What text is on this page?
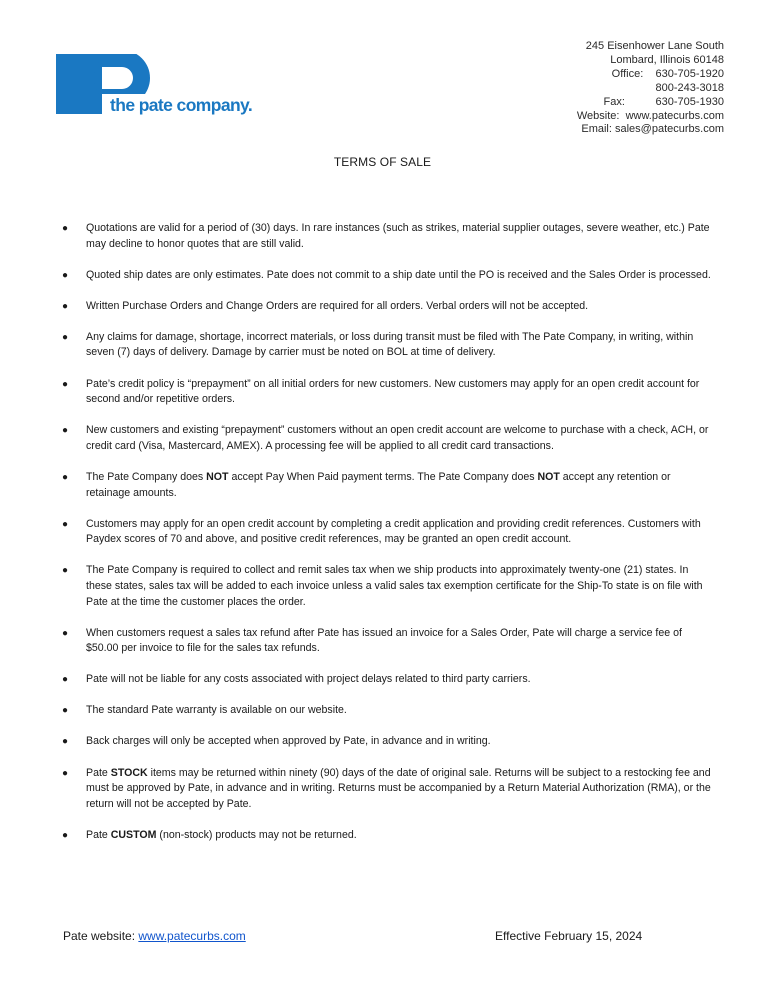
the pate company.
245 Eisenhower Lane South
Lombard, Illinois 60148
Office: 630-705-1920
800-243-3018
Fax:	630-705-1930
Website: www.patecurbs.com
Email: sales@patecurbs.com
TERMS OF SALE
● Quotations are valid for a period of (30) days. In rare instances (such as strikes, material supplier outages, severe weather, etc.) Pate may decline to honor quotes that are still valid.
● Quoted ship dates are only estimates. Pate does not commit to a ship date until the PO is received and the Sales Order is processed.
● Written Purchase Orders and Change Orders are required for all orders. Verbal orders will not be accepted.
● Any claims for damage, shortage, incorrect materials, or loss during transit must be filed with The Pate Company, in writing, within seven (7) days of delivery. Damage by carrier must be noted on BOL at time of delivery.
● Pate’s credit policy is “prepayment” on all initial orders for new customers. New customers may apply for an open credit account for second and/or repetitive orders.
● New customers and existing “prepayment” customers without an open credit account are welcome to purchase with a check, ACH, or credit card (Visa, Mastercard, AMEX). A processing fee will be applied to all credit card transactions.
● The Pate Company does NOT accept Pay When Paid payment terms. The Pate Company does NOT accept any retention or retainage amounts.
● Customers may apply for an open credit account by completing a credit application and providing credit references. Customers with Paydex scores of 70 and above, and positive credit references, may be granted an open credit account.
● The Pate Company is required to collect and remit sales tax when we ship products into approximately twenty-one (21) states. In these states, sales tax will be added to each invoice unless a valid sales tax exemption certificate for the Ship-To state is on file with Pate at the time the customer places the order.
● When customers request a sales tax refund after Pate has issued an invoice for a Sales Order, Pate will charge a service fee of $50.00 per invoice to file for the sales tax refunds.
● Pate will not be liable for any costs associated with project delays related to third party carriers.
● The standard Pate warranty is available on our website.
● Back charges will only be accepted when approved by Pate, in advance and in writing.
● Pate STOCK items may be returned within ninety (90) days of the date of original sale. Returns will be subject to a restocking fee and must be approved by Pate, in advance and in writing. Returns must be accompanied by a Return Material Authorization (RMA), or the return will not be accepted by Pate.
● Pate CUSTOM (non-stock) products may not be returned.
Pate website: www.patecurbs.com	Effective February 15, 2024
